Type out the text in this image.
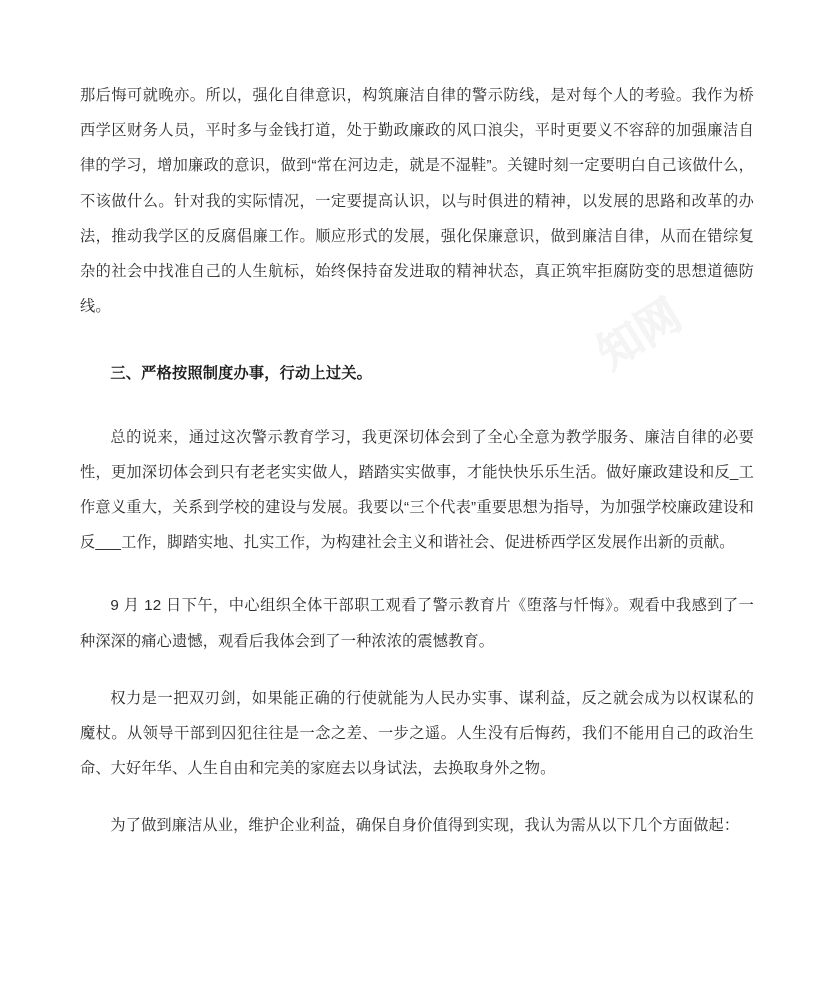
知网

那后悔可就晚亦。所以，强化自律意识，构筑廉洁自律的警示防线，是对每个人的考验。我作为桥西学区财务人员，平时多与金钱打道，处于勤政廉政的风口浪尖，平时更要义不容辞的加强廉洁自律的学习，增加廉政的意识，做到“常在河边走，就是不湿鞋”。关键时刻一定要明白自己该做什么，不该做什么。针对我的实际情况，一定要提高认识，以与时俱进的精神，以发展的思路和改革的办法，推动我学区的反腐倡廉工作。顺应形式的发展，强化保廉意识，做到廉洁自律，从而在错综复杂的社会中找准自己的人生航标，始终保持奋发进取的精神状态，真正筑牢拒腐防变的思想道德防线。

三、严格按照制度办事，行动上过关。

总的说来，通过这次警示教育学习，我更深切体会到了全心全意为教学服务、廉洁自律的必要性，更加深切体会到只有老老实实做人，踏踏实实做事，才能快快乐乐生活。做好廉政建设和反_工作意义重大，关系到学校的建设与发展。我要以“三个代表”重要思想为指导，为加强学校廉政建设和反___工作，脚踏实地、扎实工作，为构建社会主义和谐社会、促进桥西学区发展作出新的贡献。

9 月 12 日下午，中心组织全体干部职工观看了警示教育片《堕落与忏悔》。观看中我感到了一种深深的痛心遗憾，观看后我体会到了一种浓浓的震憾教育。

权力是一把双刃剑，如果能正确的行使就能为人民办实事、谋利益，反之就会成为以权谋私的魔杖。从领导干部到囚犯往往是一念之差、一步之遥。人生没有后悔药，我们不能用自己的政治生命、大好年华、人生自由和完美的家庭去以身试法，去换取身外之物。

为了做到廉洁从业，维护企业利益，确保自身价值得到实现，我认为需从以下几个方面做起：
